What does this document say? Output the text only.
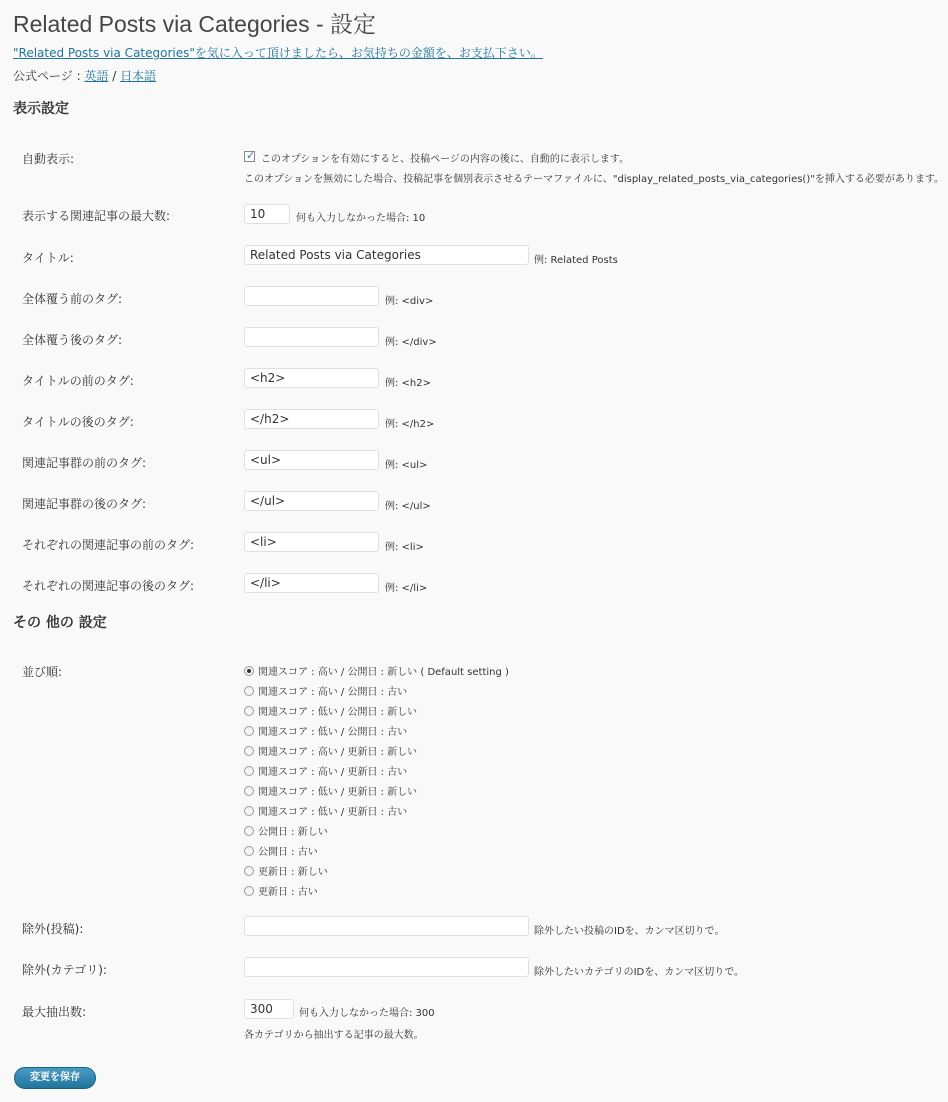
Related Posts via Categories - 設定
"Related Posts via Categories"を気に入って頂けましたら、お気持ちの金額を、お支払下さい。
公式ページ : 英語 / 日本語
表示設定
自動表示:	✓ このオプションを有効にすると、投稿ページの内容の後に、自動的に表示します。
このオプションを無効にした場合、投稿記事を個別表示させるテーマファイルに、"display_related_posts_via_categories()"を挿入する必要があります。
表示する関連記事の最大数:
10	何も入力しなかった場合: 10
タイトル:
Related Posts via Categories	例: Related Posts
全体覆う前のタグ:	例: <div>
全体覆う後のタグ:	例: </div>
タイトルの前のタグ:
<h2>	例: <h2>
タイトルの後のタグ:
</h2>	例: </h2>
関連記事群の前のタグ:
<ul>	例: <ul>
関連記事群の後のタグ:
</ul>	例: </ul>
それぞれの関連記事の前のタグ:
<li>	例: <li>
それぞれの関連記事の後のタグ:
</li>	例: </li>
その 他の 設定
並び順:	関連スコア : 高い / 公開日 : 新しい ( Default setting )
関連スコア : 高い / 公開日 : 古い
関連スコア : 低い / 公開日 : 新しい
関連スコア : 低い / 公開日 : 古い
関連スコア : 高い / 更新日 : 新しい
関連スコア : 高い / 更新日 : 古い
関連スコア : 低い / 更新日 : 新しい
関連スコア : 低い / 更新日 : 古い
公開日 : 新しい
公開日 : 古い
更新日 : 新しい
更新日 : 古い
除外(投稿):	除外したい投稿のIDを、カンマ区切りで。
除外(カテゴリ):	除外したいカテゴリのIDを、カンマ区切りで。
最大抽出数:
300	何も入力しなかった場合: 300
各カテゴリから抽出する記事の最大数。
変更を保存
